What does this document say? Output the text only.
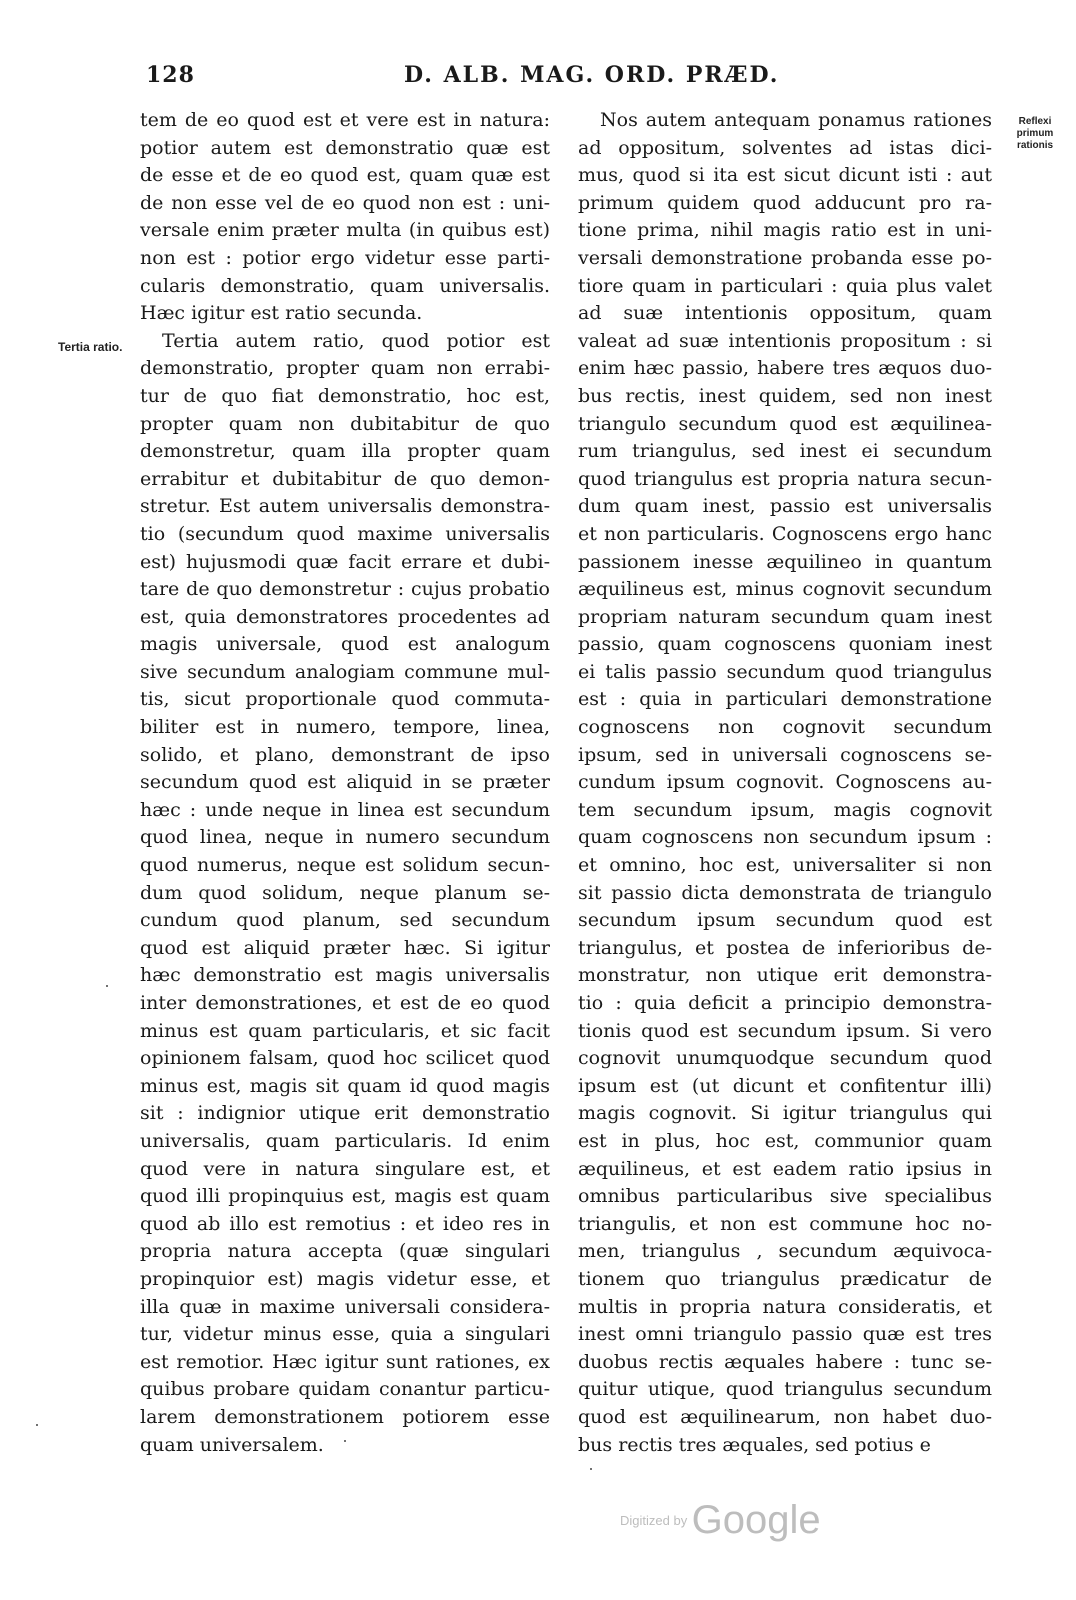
128	D. ALB. MAG. ORD. PRÆD.
Tertia ratio.
Reflexi primum rationis
tem de eo quod est et vere est in natura:
potior autem est demonstratio quæ est
de esse et de eo quod est, quam quæ est
de non esse vel de eo quod non est : uni-
versale enim præter multa (in quibus est)
non est : potior ergo videtur esse parti-
cularis demonstratio, quam universalis.
Hæc igitur est ratio secunda.
Tertia autem ratio, quod potior est
demonstratio, propter quam non errabi-
tur de quo fiat demonstratio, hoc est,
propter quam non dubitabitur de quo
demonstretur, quam illa propter quam
errabitur et dubitabitur de quo demon-
stretur. Est autem universalis demonstra-
tio (secundum quod maxime universalis
est) hujusmodi quæ facit errare et dubi-
tare de quo demonstretur : cujus probatio
est, quia demonstratores procedentes ad
magis universale, quod est analogum
sive secundum analogiam commune mul-
tis, sicut proportionale quod commuta-
biliter est in numero, tempore, linea,
solido, et plano, demonstrant de ipso
secundum quod est aliquid in se præter
hæc : unde neque in linea est secundum
quod linea, neque in numero secundum
quod numerus, neque est solidum secun-
dum quod solidum, neque planum se-
cundum quod planum, sed secundum
quod est aliquid præter hæc. Si igitur
hæc demonstratio est magis universalis
inter demonstrationes, et est de eo quod
minus est quam particularis, et sic facit
opinionem falsam, quod hoc scilicet quod
minus est, magis sit quam id quod magis
sit : indignior utique erit demonstratio
universalis, quam particularis. Id enim
quod vere in natura singulare est, et
quod illi propinquius est, magis est quam
quod ab illo est remotius : et ideo res in
propria natura accepta (quæ singulari
propinquior est) magis videtur esse, et
illa quæ in maxime universali considera-
tur, videtur minus esse, quia a singulari
est remotior. Hæc igitur sunt rationes, ex
quibus probare quidam conantur particu-
larem demonstrationem potiorem esse
quam universalem.
Nos autem antequam ponamus rationes
ad oppositum, solventes ad istas dici-
mus, quod si ita est sicut dicunt isti : aut
primum quidem quod adducunt pro ra-
tione prima, nihil magis ratio est in uni-
versali demonstratione probanda esse po-
tiore quam in particulari : quia plus valet
ad suæ intentionis oppositum, quam
valeat ad suæ intentionis propositum : si
enim hæc passio, habere tres æquos duo-
bus rectis, inest quidem, sed non inest
triangulo secundum quod est æquilinea-
rum triangulus, sed inest ei secundum
quod triangulus est propria natura secun-
dum quam inest, passio est universalis
et non particularis. Cognoscens ergo hanc
passionem inesse æquilineo in quantum
æquilineus est, minus cognovit secundum
propriam naturam secundum quam inest
passio, quam cognoscens quoniam inest
ei talis passio secundum quod triangulus
est : quia in particulari demonstratione
cognoscens non cognovit secundum
ipsum, sed in universali cognoscens se-
cundum ipsum cognovit. Cognoscens au-
tem secundum ipsum, magis cognovit
quam cognoscens non secundum ipsum :
et omnino, hoc est, universaliter si non
sit passio dicta demonstrata de triangulo
secundum ipsum secundum quod est
triangulus, et postea de inferioribus de-
monstratur, non utique erit demonstra-
tio : quia deficit a principio demonstra-
tionis quod est secundum ipsum. Si vero
cognovit unumquodque secundum quod
ipsum est (ut dicunt et confitentur illi)
magis cognovit. Si igitur triangulus qui
est in plus, hoc est, communior quam
æquilineus, et est eadem ratio ipsius in
omnibus particularibus sive specialibus
triangulis, et non est commune hoc no-
men, triangulus , secundum æquivoca-
tionem quo triangulus prædicatur de
multis in propria natura consideratis, et
inest omni triangulo passio quæ est tres
duobus rectis æquales habere : tunc se-
quitur utique, quod triangulus secundum
quod est æquilinearum, non habet duo-
bus rectis tres æquales, sed potius e
Digitized by Google
